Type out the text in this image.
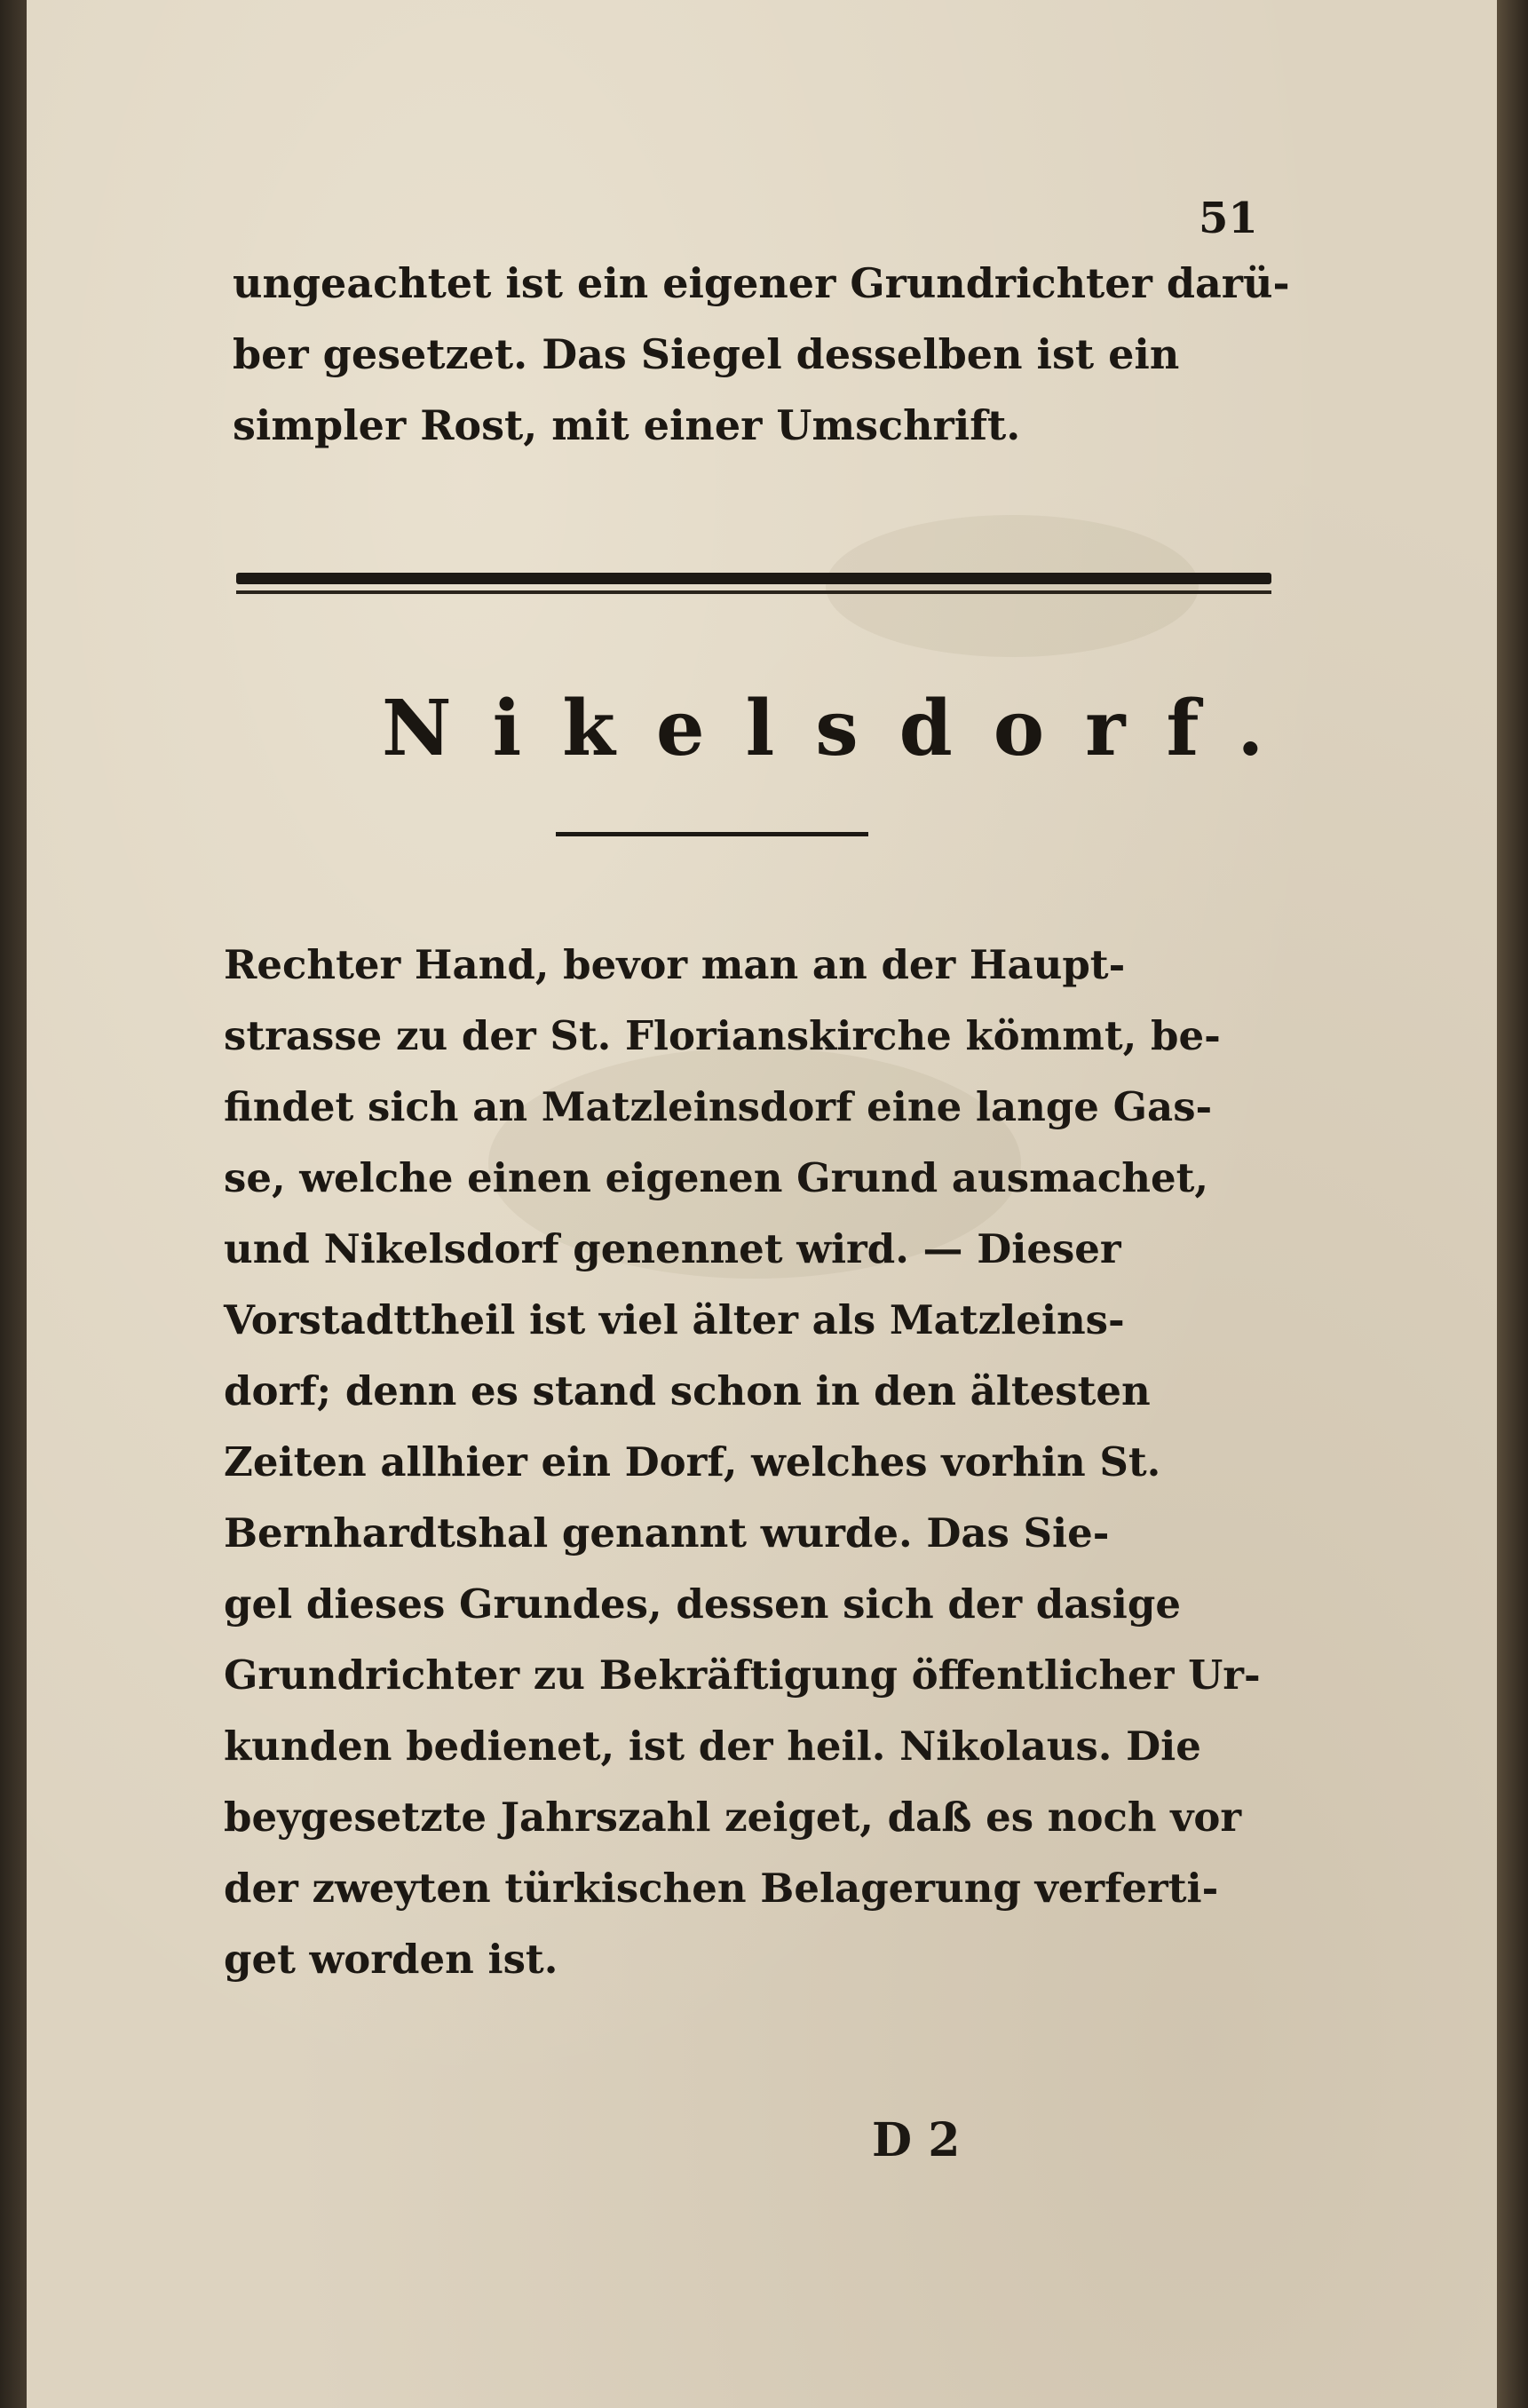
51

ungeachtet ist ein eigener Grundrichter darü-

ber gesetzet. Das Siegel desselben ist ein

simpler Rost, mit einer Umschrift.

Nikelsdorf.

Rechter Hand, bevor man an der Haupt-

strasse zu der St. Florianskirche kömmt, be-

findet sich an Matzleinsdorf eine lange Gas-

se, welche einen eigenen Grund ausmachet,

und Nikelsdorf genennet wird. — Dieser

Vorstadttheil ist viel älter als Matzleins-

dorf; denn es stand schon in den ältesten

Zeiten allhier ein Dorf, welches vorhin St.

Bernhardtshal genannt wurde. Das Sie-

gel dieses Grundes, dessen sich der dasige

Grundrichter zu Bekräftigung öffentlicher Ur-

kunden bedienet, ist der heil. Nikolaus. Die

beygesetzte Jahrszahl zeiget, daß es noch vor

der zweyten türkischen Belagerung verferti-

get worden ist.

D 2
